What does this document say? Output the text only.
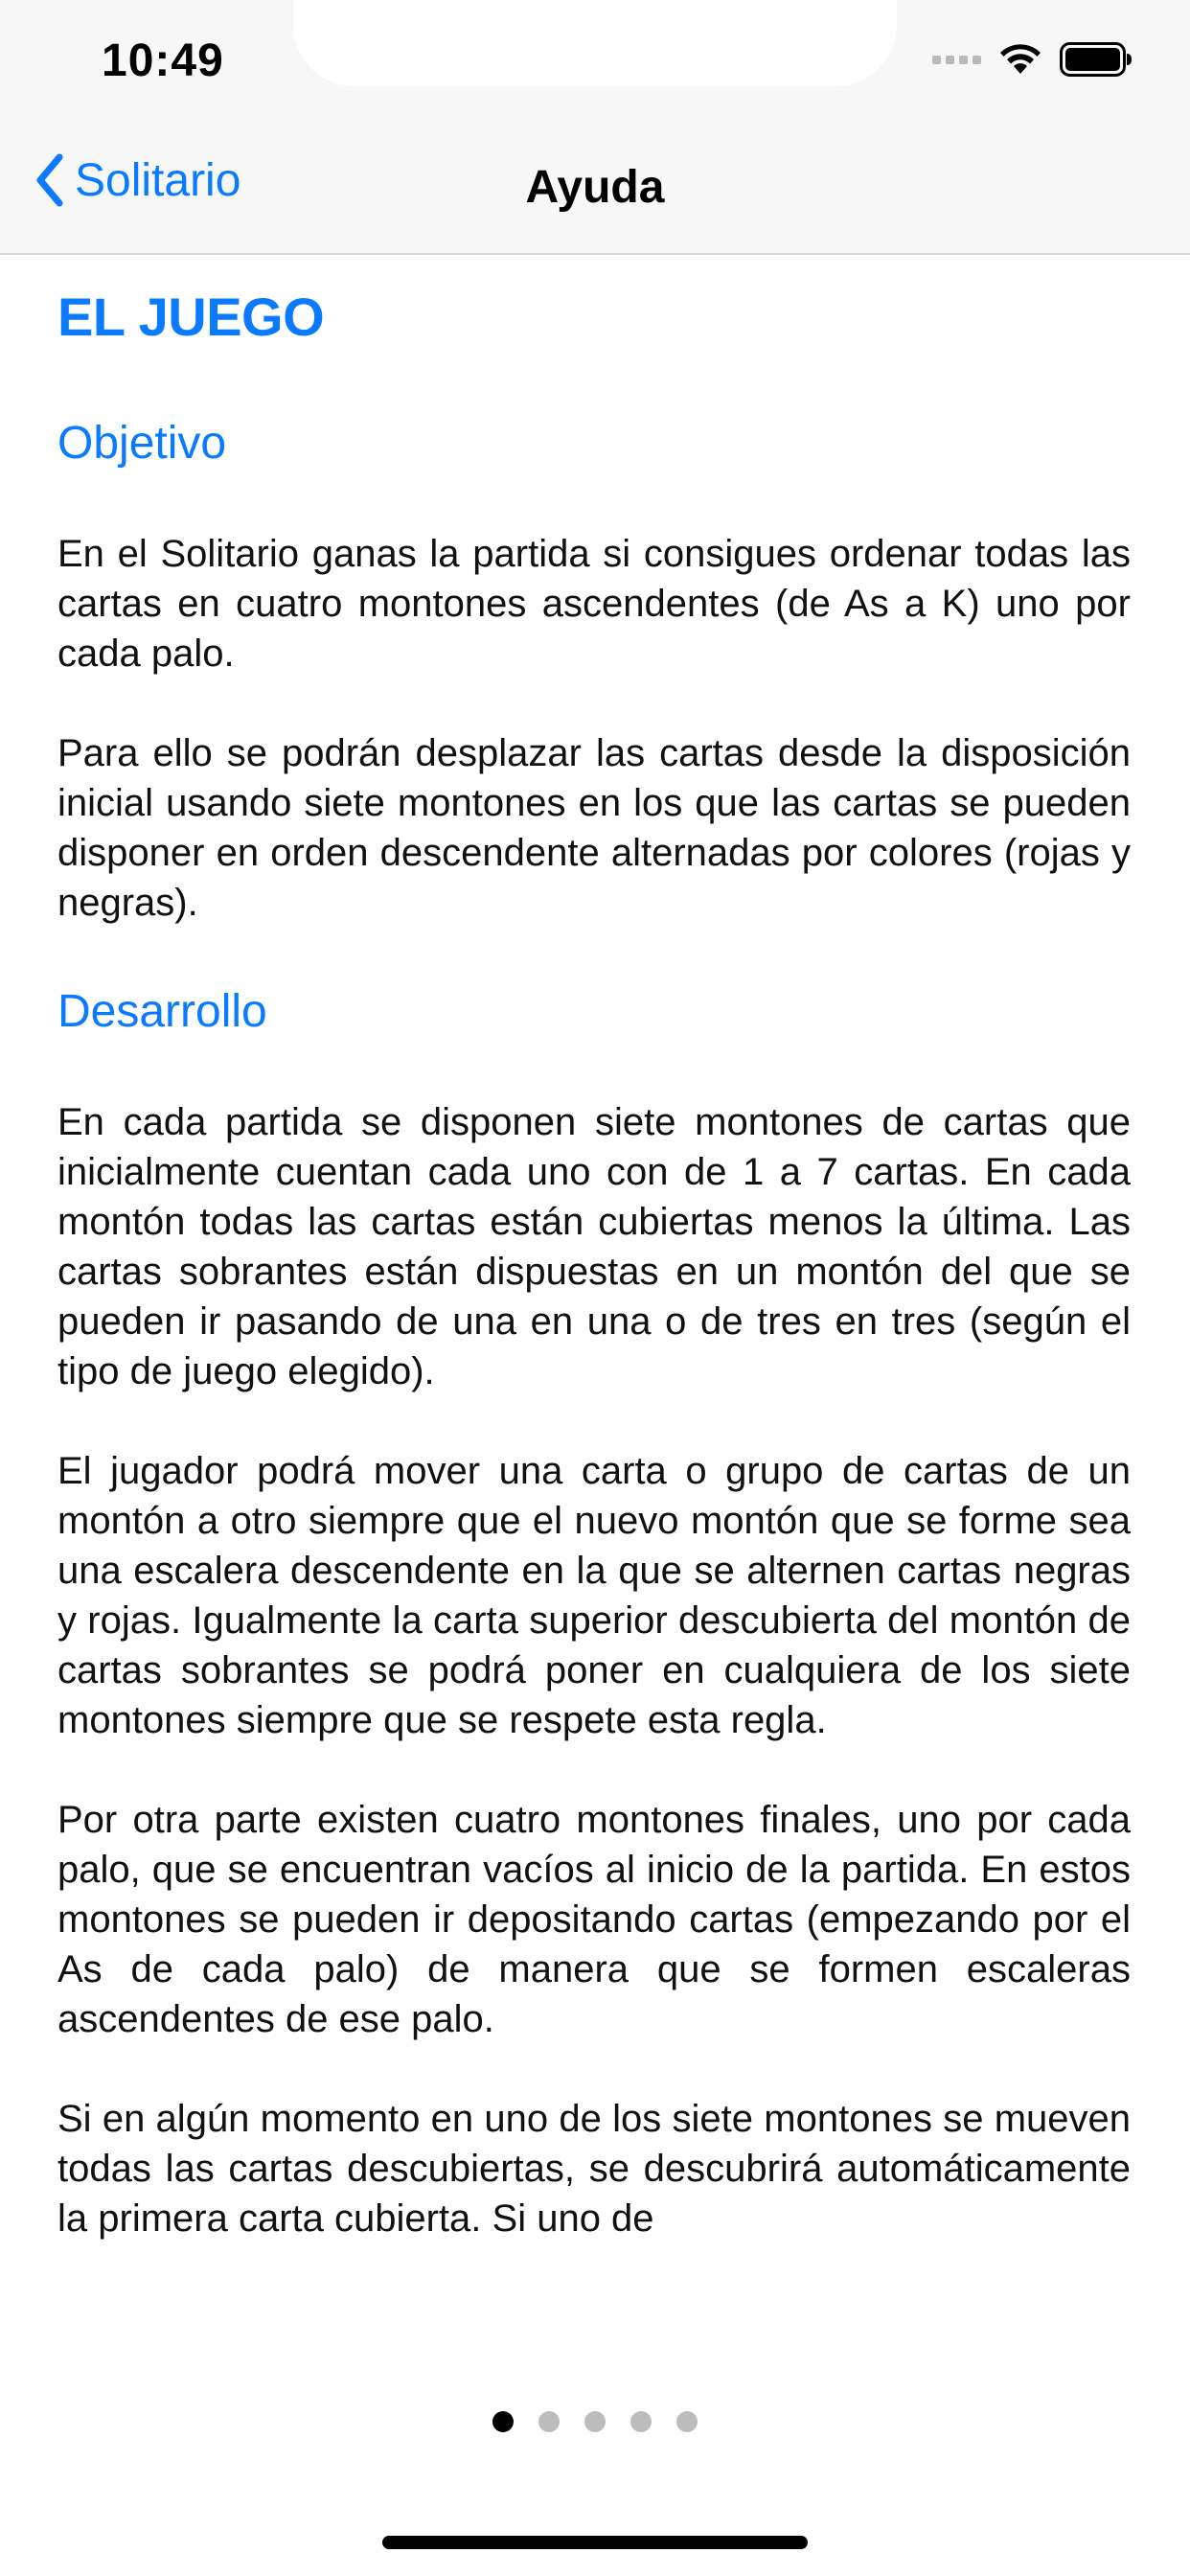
10:49
Solitario	Ayuda
EL JUEGO
Objetivo

En el Solitario ganas la partida si consigues ordenar todas las cartas en cuatro montones ascendentes (de As a K) uno por cada palo.

Para ello se podrán desplazar las cartas desde la disposición inicial usando siete montones en los que las cartas se pueden disponer en orden descendente alternadas por colores (rojas y negras).

Desarrollo

En cada partida se disponen siete montones de cartas que inicialmente cuentan cada uno con de 1 a 7 cartas. En cada montón todas las cartas están cubiertas menos la última. Las cartas sobrantes están dispuestas en un montón del que se pueden ir pasando de una en una o de tres en tres (según el tipo de juego elegido).

El jugador podrá mover una carta o grupo de cartas de un montón a otro siempre que el nuevo montón que se forme sea una escalera descendente en la que se alternen cartas negras y rojas. Igualmente la carta superior descubierta del montón de cartas sobrantes se podrá poner en cualquiera de los siete montones siempre que se respete esta regla.

Por otra parte existen cuatro montones finales, uno por cada palo, que se encuentran vacíos al inicio de la partida. En estos montones se pueden ir depositando cartas (empezando por el As de cada palo) de manera que se formen escaleras ascendentes de ese palo.

Si en algún momento en uno de los siete montones se mueven todas las cartas descubiertas, se descubrirá automáticamente la primera carta cubierta. Si uno de
